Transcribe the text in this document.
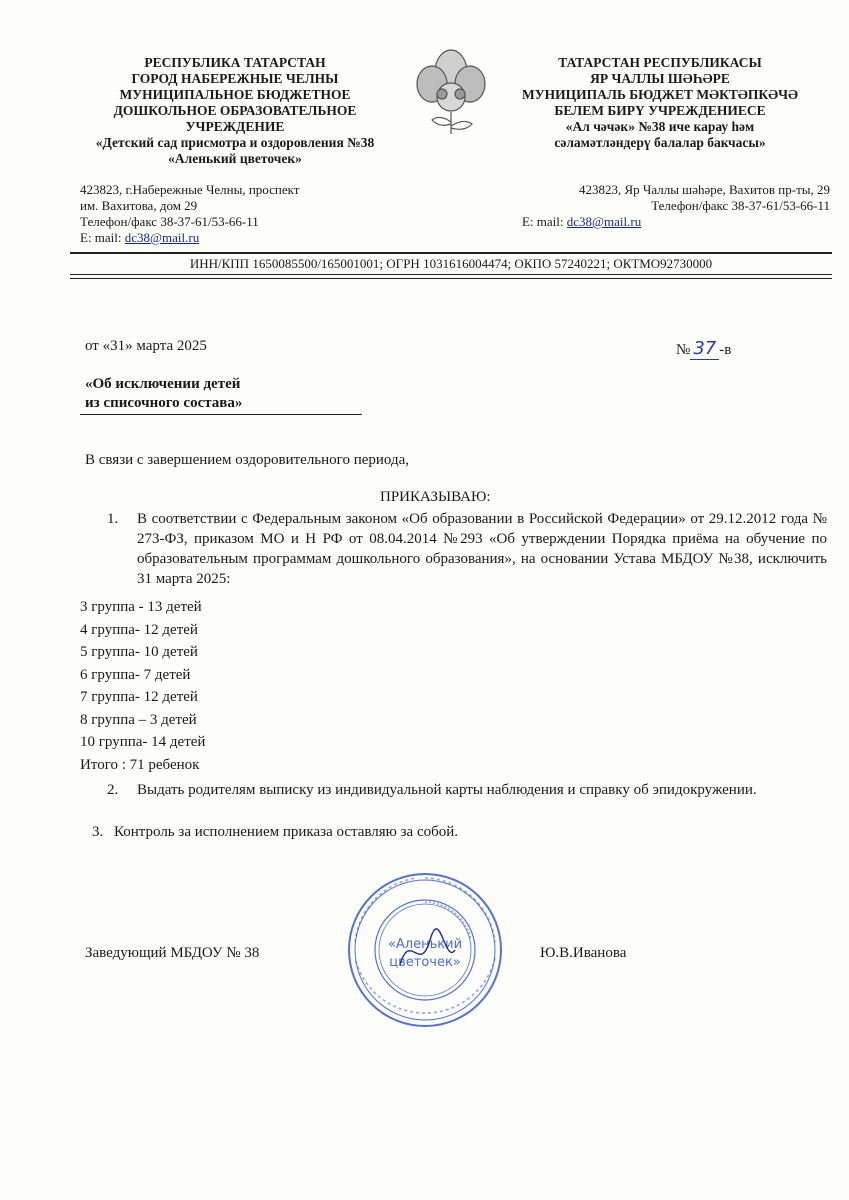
РЕСПУБЛИКА ТАТАРСТАН
ГОРОД НАБЕРЕЖНЫЕ ЧЕЛНЫ
МУНИЦИПАЛЬНОЕ БЮДЖЕТНОЕ
ДОШКОЛЬНОЕ ОБРАЗОВАТЕЛЬНОЕ
УЧРЕЖДЕНИЕ
«Детский сад присмотра и оздоровления №38
«Аленький цветочек»
ТАТАРСТАН РЕСПУБЛИКАСЫ
ЯР ЧАЛЛЫ ШӘҺӘРЕ
МУНИЦИПАЛЬ БЮДЖЕТ МӘКТӘПКӘЧӘ
БЕЛЕМ БИРҮ УЧРЕЖДЕНИЕСЕ
«Ал чәчәк» №38 иче карау һәм
сәламәтләндерү балалар бакчасы»
423823, г.Набережные Челны, проспект
им. Вахитова, дом 29
Телефон/факс 38-37-61/53-66-11
E: mail: dc38@mail.ru
423823, Яр Чаллы шәһәре, Вахитов пр-ты, 29
Телефон/факс 38-37-61/53-66-11
E: mail: dc38@mail.ru
ИНН/КПП 1650085500/165001001; ОГРН 1031616004474; ОКПО 57240221; ОКТМО92730000
от «31» марта 2025	№ 37 -в
«Об исключении детей
из списочного состава»
В связи с завершением оздоровительного периода,
ПРИКАЗЫВАЮ:
1. В соответствии с Федеральным законом «Об образовании в Российской Федерации» от 29.12.2012 года № 273-ФЗ, приказом МО и Н РФ от 08.04.2014 №293 «Об утверждении Порядка приёма на обучение по образовательным программам дошкольного образования», на основании Устава МБДОУ №38, исключить 31 марта 2025:
3 группа - 13 детей
4 группа- 12 детей
5 группа- 10 детей
6 группа- 7 детей
7 группа- 12 детей
8 группа – 3 детей
10 группа- 14 детей
Итого : 71 ребенок
2. Выдать родителям выписку из индивидуальной карты наблюдения и справку об эпидокружении.
3. Контроль за исполнением приказа оставляю за собой.
Заведующий МБДОУ № 38	Ю.В.Иванова
«Аленький
цветочек»
